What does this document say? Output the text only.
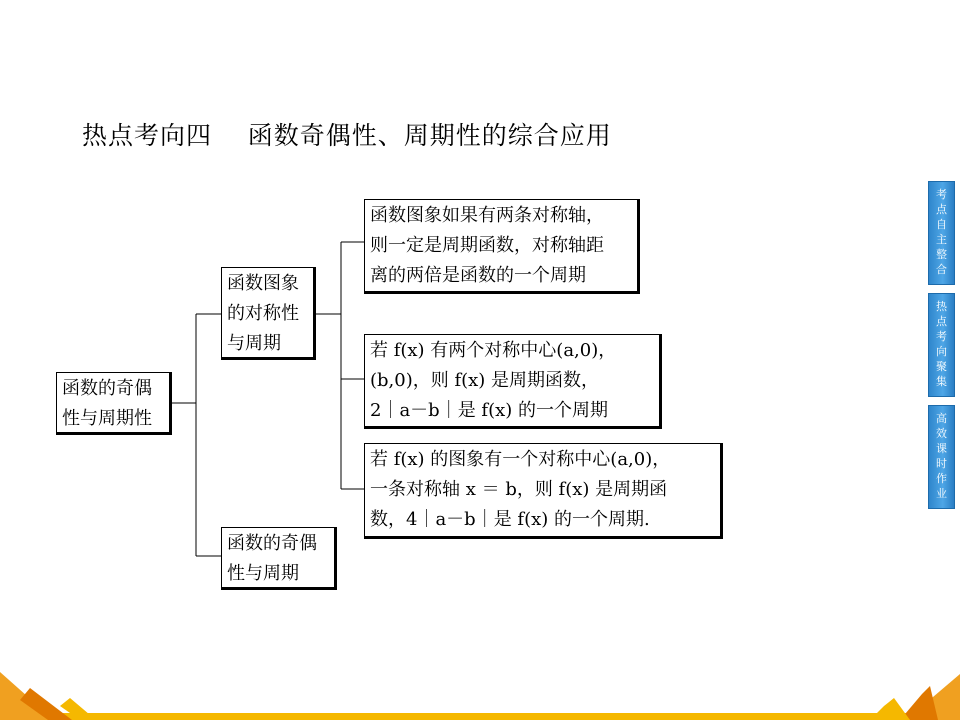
热点考向四    函数奇偶性、周期性的综合应用
函数的奇偶
性与周期性
函数图象
的对称性
与周期
函数的奇偶
性与周期
函数图象如果有两条对称轴，
则一定是周期函数，对称轴距
离的两倍是函数的一个周期
若 f(x) 有两个对称中心(a,0)，
(b,0)，则 f(x) 是周期函数，
2｜a－b｜是 f(x) 的一个周期
若 f(x) 的图象有一个对称中心(a,0)，
一条对称轴 x ＝ b，则 f(x) 是周期函
数，4｜a－b｜是 f(x) 的一个周期.
考
点
自
主
整
合
热
点
考
向
聚
集
高
效
课
时
作
业
